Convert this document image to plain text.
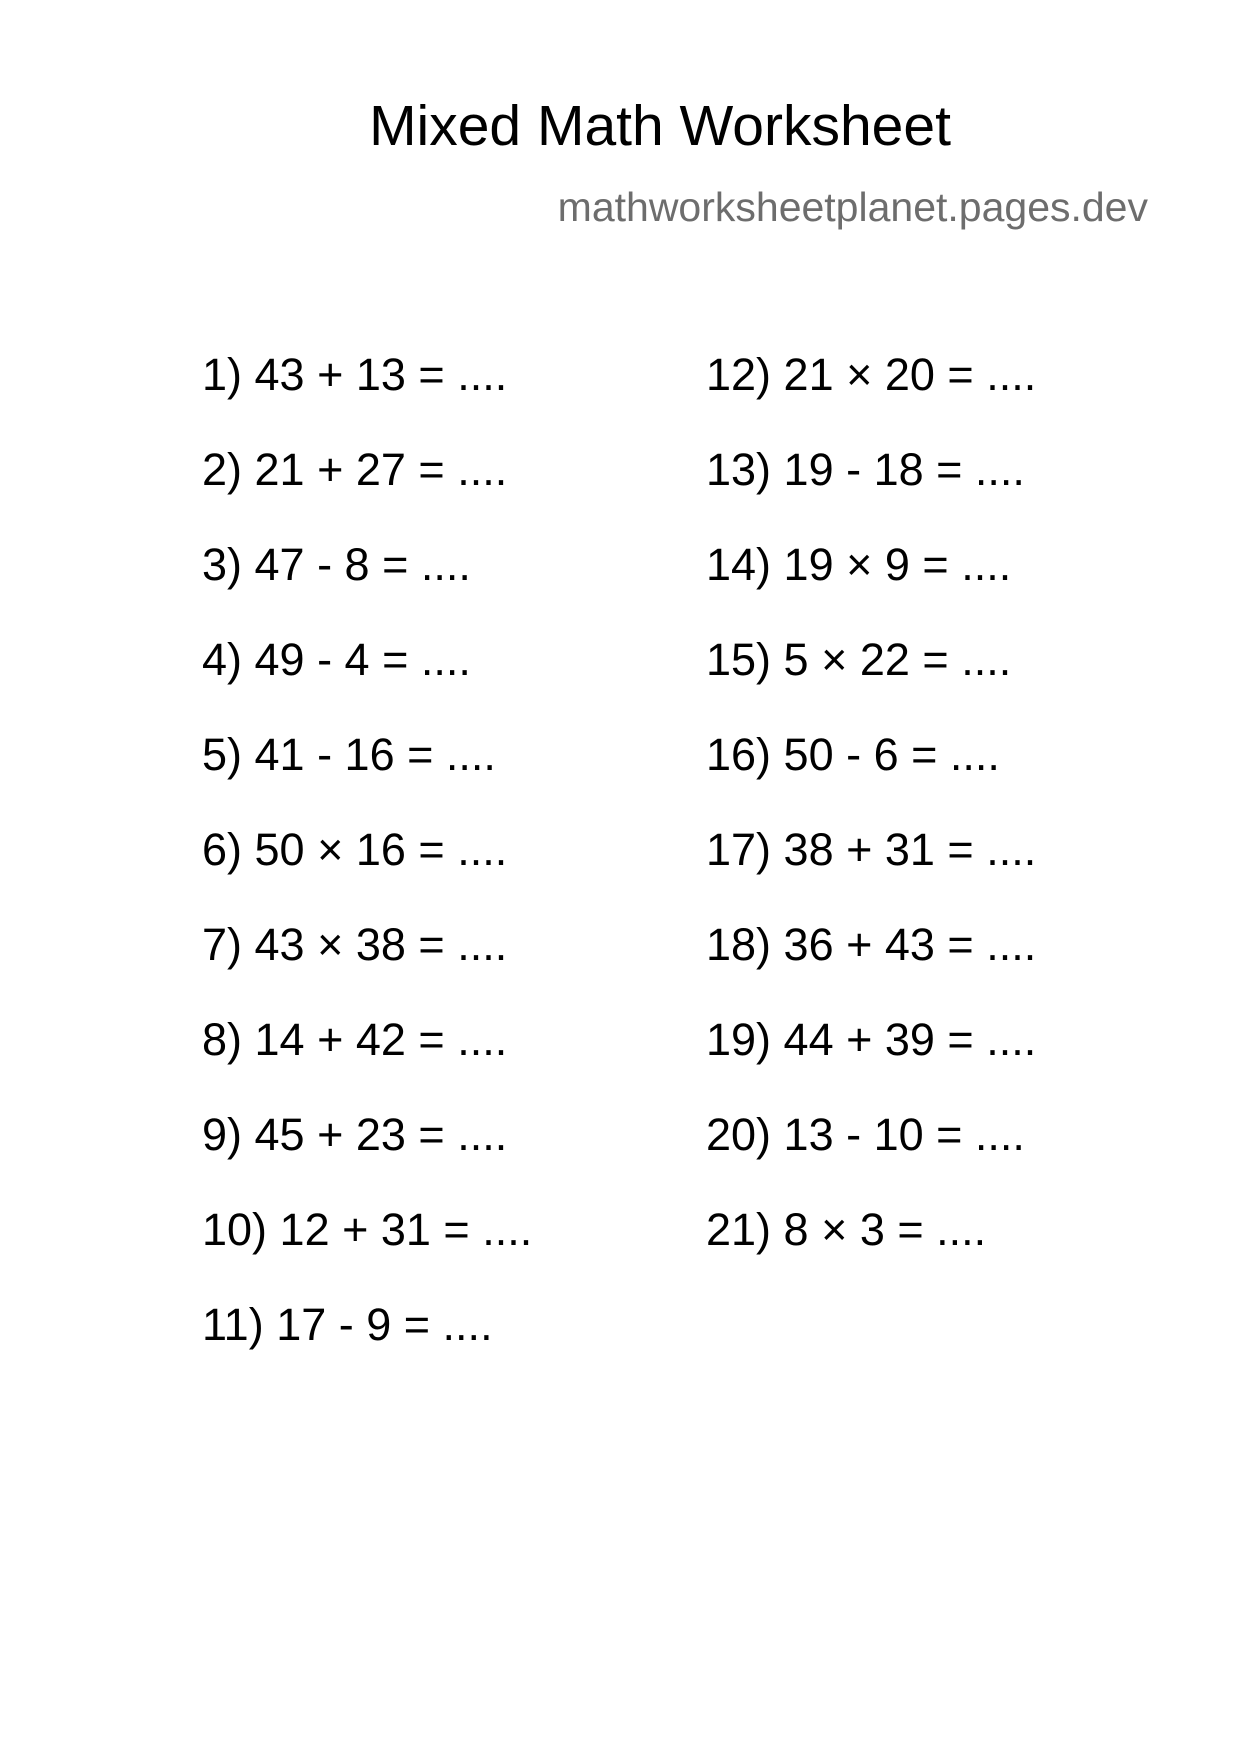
Mixed Math Worksheet
mathworksheetplanet.pages.dev
1) 43 + 13 = ....
2) 21 + 27 = ....
3) 47 - 8 = ....
4) 49 - 4 = ....
5) 41 - 16 = ....
6) 50 × 16 = ....
7) 43 × 38 = ....
8) 14 + 42 = ....
9) 45 + 23 = ....
10) 12 + 31 = ....
11) 17 - 9 = ....
12) 21 × 20 = ....
13) 19 - 18 = ....
14) 19 × 9 = ....
15) 5 × 22 = ....
16) 50 - 6 = ....
17) 38 + 31 = ....
18) 36 + 43 = ....
19) 44 + 39 = ....
20) 13 - 10 = ....
21) 8 × 3 = ....
